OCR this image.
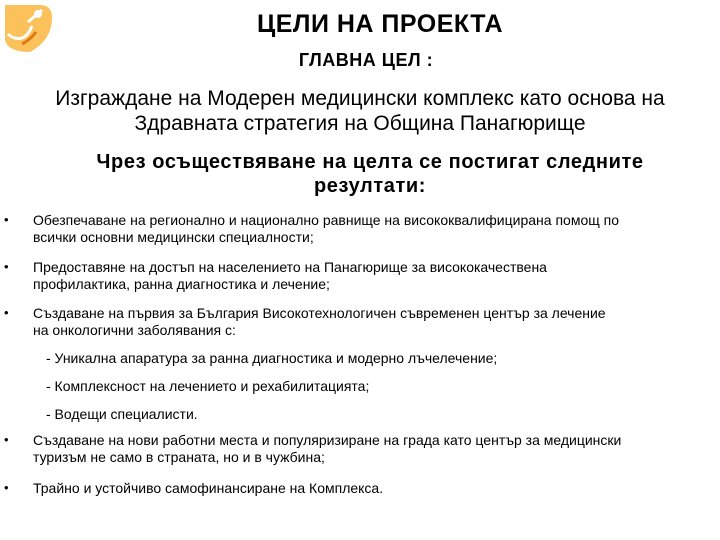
ЦЕЛИ НА ПРОЕКТА
ГЛАВНА ЦЕЛ :
Изграждане на Модерен медицински комплекс като основа на
Здравната стратегия на Община Панагюрище
Чрез осъществяване на целта се постигат следните
резултати:
•	Обезпечаване на регионално и национално равнище на висококвалифицирана помощ по
всички основни медицински специалности;
•	Предоставяне на достъп на населението на Панагюрище за висококачествена
профилактика, ранна диагностика и лечение;
•	Създаване на първия за България Високотехнологичен съвременен център за лечение
на онкологични заболявания с:
- Уникална апаратура за ранна диагностика и модерно лъчелечение;
- Комплексност на лечението и рехабилитацията;
- Водещи специалисти.
•	Създаване на нови работни места и популяризиране на града като център за медицински
туризъм не само в страната, но и в чужбина;
•	Трайно и устойчиво самофинансиране на Комплекса.
